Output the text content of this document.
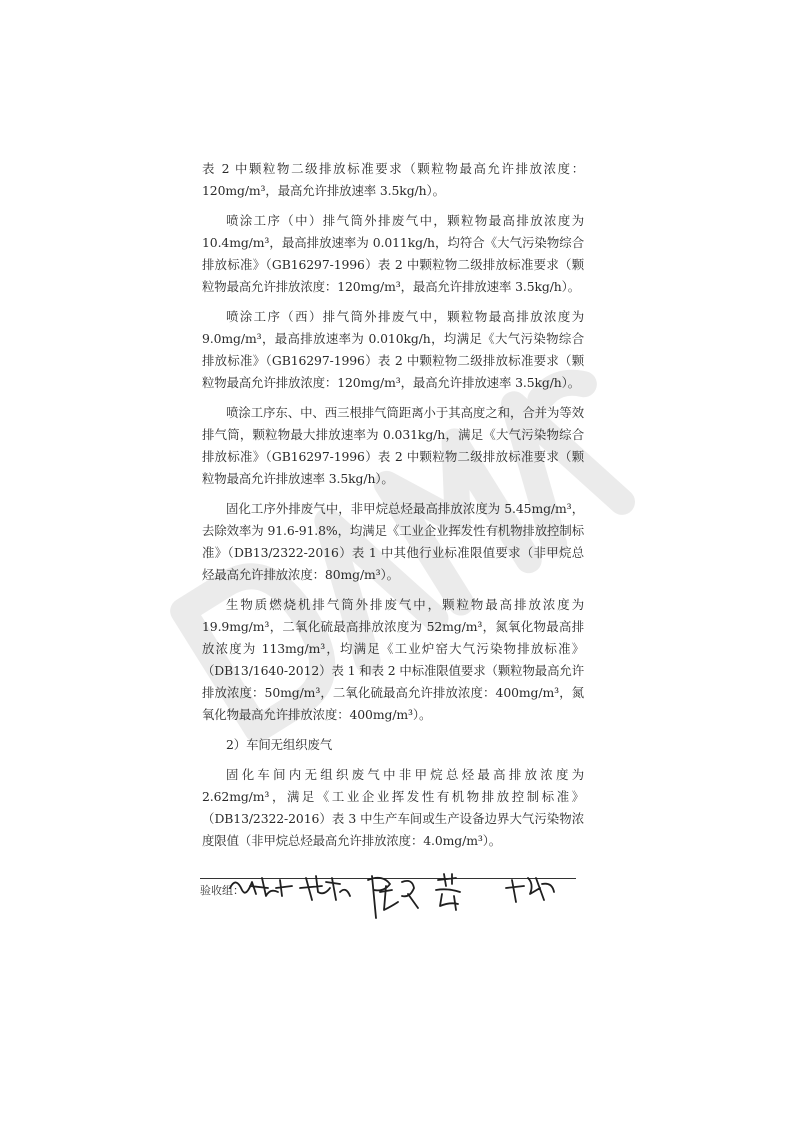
表 2 中颗粒物二级排放标准要求（颗粒物最高允许排放浓度：120mg/m³，最高允许排放速率 3.5kg/h）。

喷涂工序（中）排气筒外排废气中，颗粒物最高排放浓度为 10.4mg/m³，最高排放速率为 0.011kg/h，均符合《大气污染物综合排放标准》（GB16297-1996）表 2 中颗粒物二级排放标准要求（颗粒物最高允许排放浓度：120mg/m³，最高允许排放速率 3.5kg/h）。

喷涂工序（西）排气筒外排废气中，颗粒物最高排放浓度为 9.0mg/m³，最高排放速率为 0.010kg/h，均满足《大气污染物综合排放标准》（GB16297-1996）表 2 中颗粒物二级排放标准要求（颗粒物最高允许排放浓度：120mg/m³，最高允许排放速率 3.5kg/h）。

喷涂工序东、中、西三根排气筒距离小于其高度之和，合并为等效排气筒，颗粒物最大排放速率为 0.031kg/h，满足《大气污染物综合排放标准》（GB16297-1996）表 2 中颗粒物二级排放标准要求（颗粒物最高允许排放速率 3.5kg/h）。

固化工序外排废气中，非甲烷总烃最高排放浓度为 5.45mg/m³，去除效率为 91.6-91.8%，均满足《工业企业挥发性有机物排放控制标准》（DB13/2322-2016）表 1 中其他行业标准限值要求（非甲烷总烃最高允许排放浓度：80mg/m³）。

生物质燃烧机排气筒外排废气中，颗粒物最高排放浓度为 19.9mg/m³，二氧化硫最高排放浓度为 52mg/m³，氮氧化物最高排放浓度为 113mg/m³，均满足《工业炉窑大气污染物排放标准》（DB13/1640-2012）表 1 和表 2 中标准限值要求（颗粒物最高允许排放浓度：50mg/m³，二氧化硫最高允许排放浓度：400mg/m³，氮氧化物最高允许排放浓度：400mg/m³）。

2）车间无组织废气

固化车间内无组织废气中非甲烷总烃最高排放浓度为 2.62mg/m³，满足《工业企业挥发性有机物排放控制标准》（DB13/2322-2016）表 3 中生产车间或生产设备边界大气污染物浓度限值（非甲烷总烃最高允许排放浓度：4.0mg/m³）。

验收组：
